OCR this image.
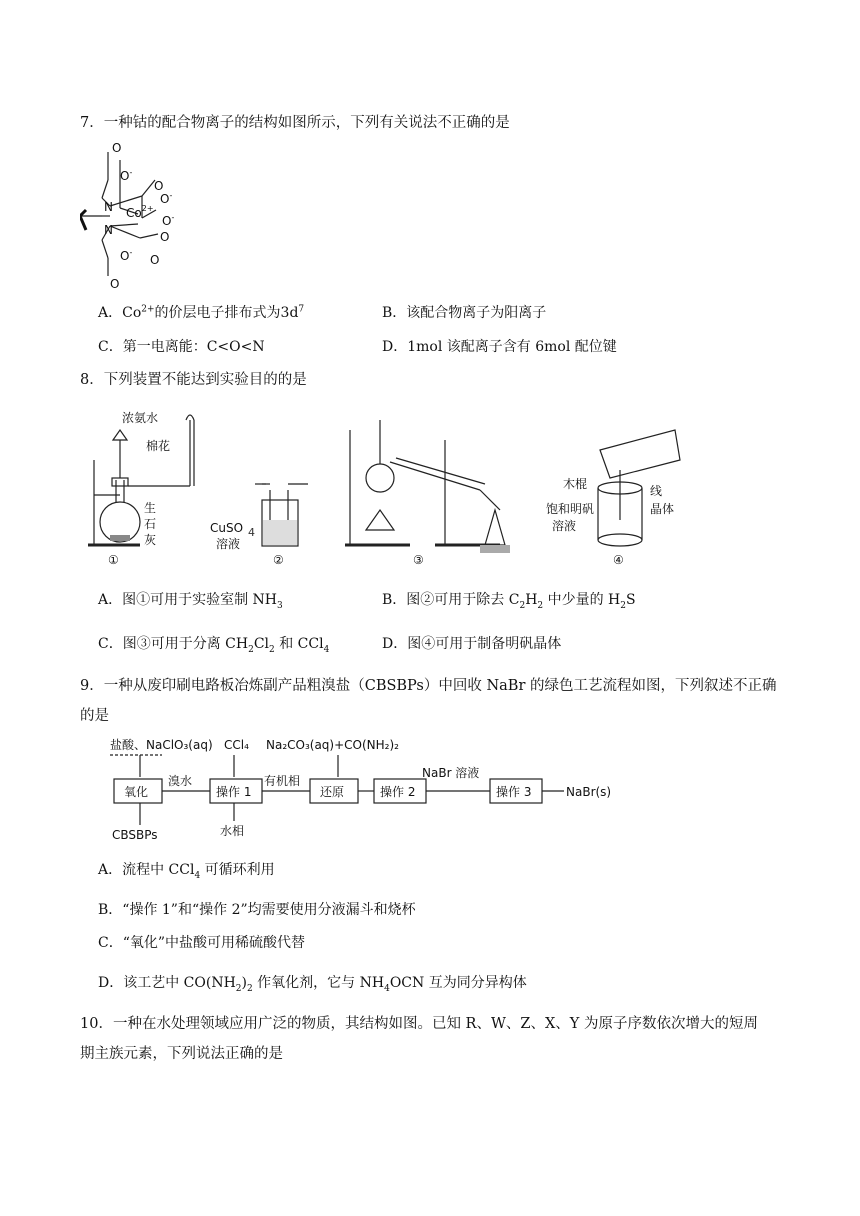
7．一种钴的配合物离子的结构如图所示，下列有关说法不正确的是
O
O-
O
O-
N $Co^{2+}$
O-
N	O
O-
O
O
A．$Co^{2+}$的价层电子排布式为$3d^7$	B．该配合物离子为阳离子
C．第一电离能：C<O<N	D．1mol 该配离子含有 6mol 配位键
8．下列装置不能达到实验目的的是
浓氨水
棉花
生
石
灰
①
CuSO 4
溶液
②	③
木棍	线
饱和明矾	晶体
溶液
④
A．图①可用于实验室制 $NH_3$	B．图②可用于除去 $C_2H_2$ 中少量的 $H_2S$
C．图③可用于分离 $CH_2Cl_2$ 和 CCl$_4$	D．图④可用于制备明矾晶体
9．一种从废印刷电路板冶炼副产品粗溴盐（CBSBPs）中回收 NaBr 的绿色工艺流程如图，下列叙述不正确
的是
盐酸、NaClO₃(aq) CCl₄ Na₂CO₃(aq)+CO(NH₂)₂
氧化
溴水
操作 1
有机相
还原	操作 2
NaBr 溶液
操作 3	NaBr(s)
CBSBPs	水相
A．流程中 CCl$_4$ 可循环利用
B．“操作 1”和“操作 2”均需要使用分液漏斗和烧杯
C．“氧化”中盐酸可用稀硫酸代替
D．该工艺中 $CO(NH_2)_2$ 作氧化剂，它与 $NH_4OCN$ 互为同分异构体
10．一种在水处理领域应用广泛的物质，其结构如图。已知 R、W、Z、X、Y 为原子序数依次增大的短周
期主族元素，下列说法正确的是
